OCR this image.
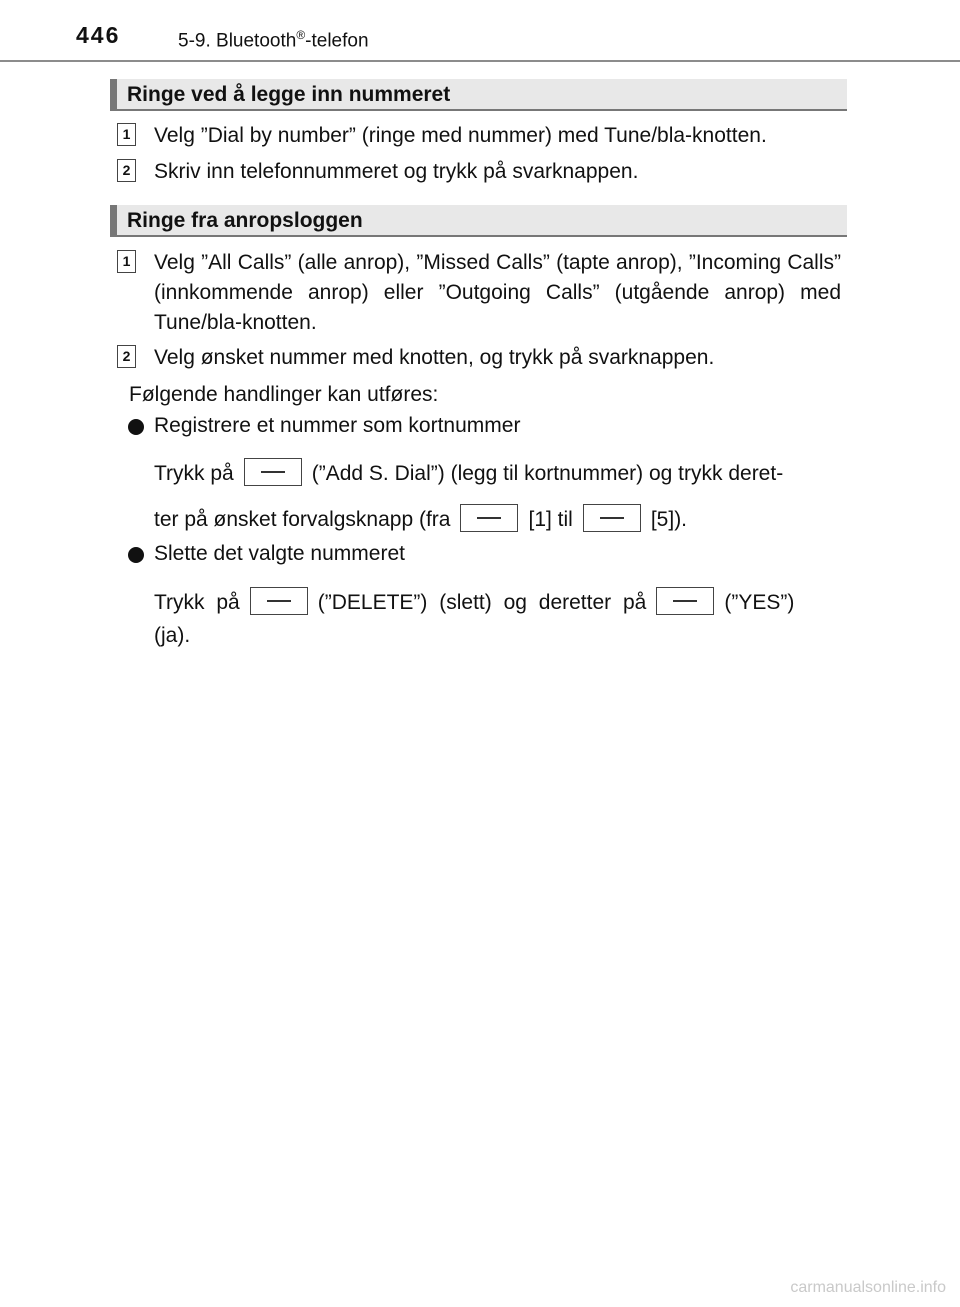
446	5-9. Bluetooth®-telefon
Ringe ved å legge inn nummeret
1 Velg ”Dial by number” (ringe med nummer) med Tune/bla-knotten.
2 Skriv inn telefonnummeret og trykk på svarknappen.
Ringe fra anropsloggen
1 Velg ”All Calls” (alle anrop), ”Missed Calls” (tapte anrop), ”Incoming Calls” (innkommende anrop) eller ”Outgoing Calls” (utgående anrop) med Tune/bla-knotten.
2 Velg ønsket nummer med knotten, og trykk på svarknappen.
Følgende handlinger kan utføres:
Registrere et nummer som kortnummer
Trykk på	(”Add S. Dial”) (legg til kortnummer) og trykk deret-
ter på ønsket forvalgsknapp (fra	[1] til	[5]).
Slette det valgte nummeret
Trykk på	(”DELETE”) (slett) og deretter på	(”YES”)
(ja).
carmanualsonline.info
